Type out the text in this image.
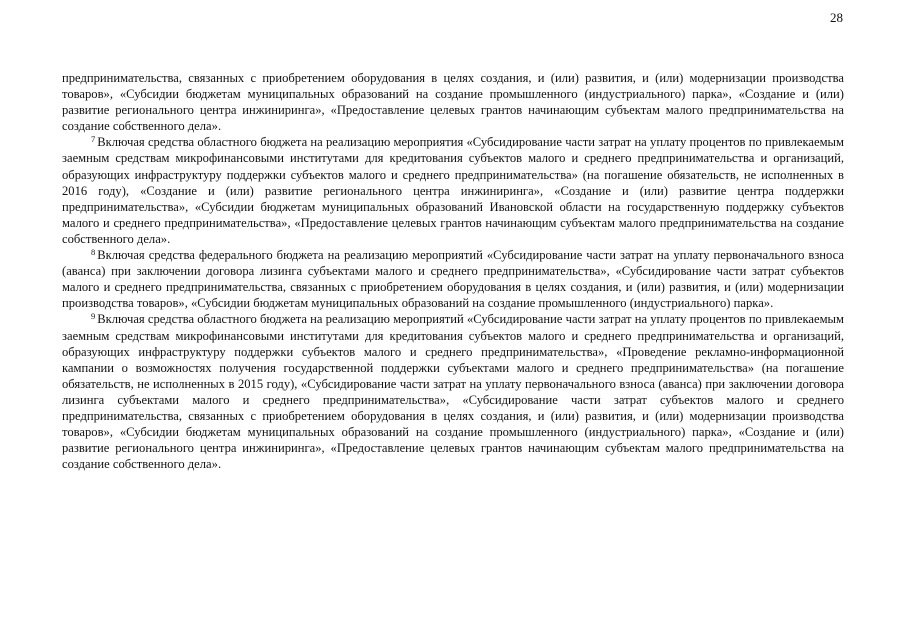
28

предпринимательства, связанных с приобретением оборудования в целях создания, и (или) развития, и (или) модернизации производства товаров», «Субсидии бюджетам муниципальных образований на создание промышленного (индустриального) парка», «Создание и (или) развитие регионального центра инжиниринга», «Предоставление целевых грантов начинающим субъектам малого предпринимательства на создание собственного дела».

$^7$ Включая средства областного бюджета на реализацию мероприятия «Субсидирование части затрат на уплату процентов по привлекаемым заемным средствам микрофинансовыми институтами для кредитования субъектов малого и среднего предпринимательства и организаций, образующих инфраструктуру поддержки субъектов малого и среднего предпринимательства» (на погашение обязательств, не исполненных в 2016 году), «Создание и (или) развитие регионального центра инжиниринга», «Создание и (или) развитие центра поддержки предпринимательства», «Субсидии бюджетам муниципальных образований Ивановской области на государственную поддержку субъектов малого и среднего предпринимательства», «Предоставление целевых грантов начинающим субъектам малого предпринимательства на создание собственного дела».

$^8$ Включая средства федерального бюджета на реализацию мероприятий «Субсидирование части затрат на уплату первоначального взноса (аванса) при заключении договора лизинга субъектами малого и среднего предпринимательства», «Субсидирование части затрат субъектов малого и среднего предпринимательства, связанных с приобретением оборудования в целях создания, и (или) развития, и (или) модернизации производства товаров», «Субсидии бюджетам муниципальных образований на создание промышленного (индустриального) парка».

$^9$ Включая средства областного бюджета на реализацию мероприятий «Субсидирование части затрат на уплату процентов по привлекаемым заемным средствам микрофинансовыми институтами для кредитования субъектов малого и среднего предпринимательства и организаций, образующих инфраструктуру поддержки субъектов малого и среднего предпринимательства», «Проведение рекламно-информационной кампании о возможностях получения государственной поддержки субъектами малого и среднего предпринимательства» (на погашение обязательств, не исполненных в 2015 году), «Субсидирование части затрат на уплату первоначального взноса (аванса) при заключении договора лизинга субъектами малого и среднего предпринимательства», «Субсидирование части затрат субъектов малого и среднего предпринимательства, связанных с приобретением оборудования в целях создания, и (или) развития, и (или) модернизации производства товаров», «Субсидии бюджетам муниципальных образований на создание промышленного (индустриального) парка», «Создание и (или) развитие регионального центра инжиниринга», «Предоставление целевых грантов начинающим субъектам малого предпринимательства на создание собственного дела».
